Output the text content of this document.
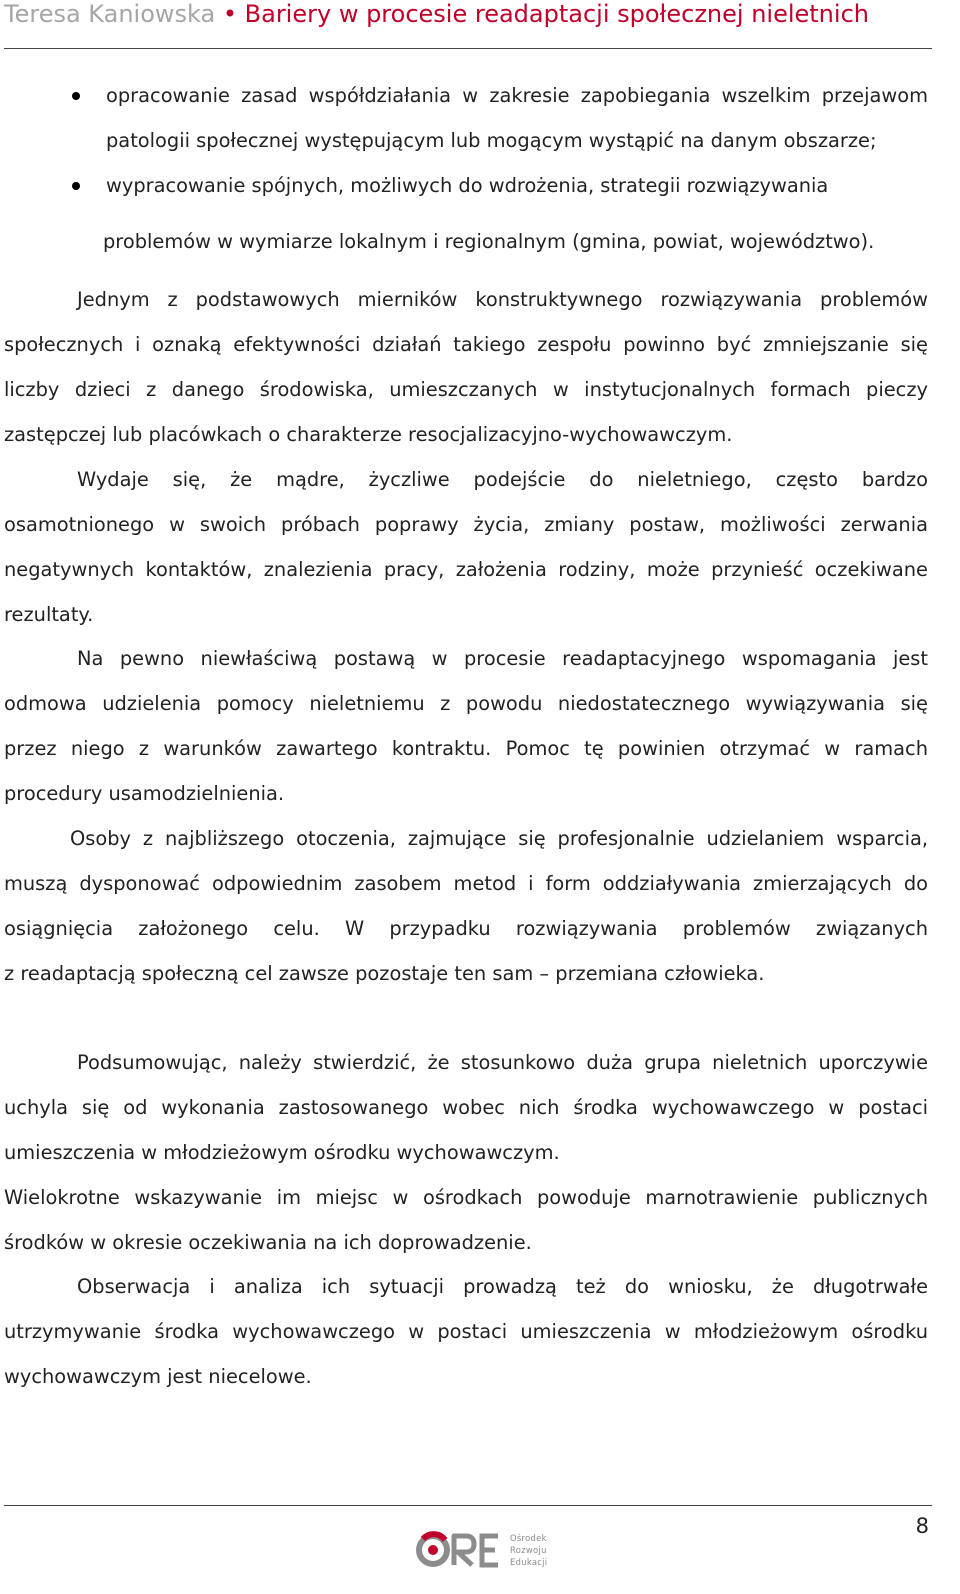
Teresa Kaniowska • Bariery w procesie readaptacji społecznej nieletnich
opracowanie zasad współdziałania w zakresie zapobiegania wszelkim przejawom
patologii społecznej występującym lub mogącym wystąpić na danym obszarze;
wypracowanie spójnych, możliwych do wdrożenia, strategii rozwiązywania
problemów w wymiarze lokalnym i regionalnym (gmina, powiat, województwo).
Jednym z podstawowych mierników konstruktywnego rozwiązywania problemów
społecznych i oznaką efektywności działań takiego zespołu powinno być zmniejszanie się
liczby dzieci z danego środowiska, umieszczanych w instytucjonalnych formach pieczy
zastępczej lub placówkach o charakterze resocjalizacyjno-wychowawczym.
Wydaje się, że mądre, życzliwe podejście do nieletniego, często bardzo
osamotnionego w swoich próbach poprawy życia, zmiany postaw, możliwości zerwania
negatywnych kontaktów, znalezienia pracy, założenia rodziny, może przynieść oczekiwane
rezultaty.
Na pewno niewłaściwą postawą w procesie readaptacyjnego wspomagania jest
odmowa udzielenia pomocy nieletniemu z powodu niedostatecznego wywiązywania się
przez niego z warunków zawartego kontraktu. Pomoc tę powinien otrzymać w ramach
procedury usamodzielnienia.
Osoby z najbliższego otoczenia, zajmujące się profesjonalnie udzielaniem wsparcia,
muszą dysponować odpowiednim zasobem metod i form oddziaływania zmierzających do
osiągnięcia założonego celu. W przypadku rozwiązywania problemów związanych
z readaptacją społeczną cel zawsze pozostaje ten sam – przemiana człowieka.
Podsumowując, należy stwierdzić, że stosunkowo duża grupa nieletnich uporczywie
uchyla się od wykonania zastosowanego wobec nich środka wychowawczego w postaci
umieszczenia w młodzieżowym ośrodku wychowawczym.
Wielokrotne wskazywanie im miejsc w ośrodkach powoduje marnotrawienie publicznych
środków w okresie oczekiwania na ich doprowadzenie.
Obserwacja i analiza ich sytuacji prowadzą też do wniosku, że długotrwałe
utrzymywanie środka wychowawczego w postaci umieszczenia w młodzieżowym ośrodku
wychowawczym jest niecelowe.
8
Ośrodek
Rozwoju
Edukacji
